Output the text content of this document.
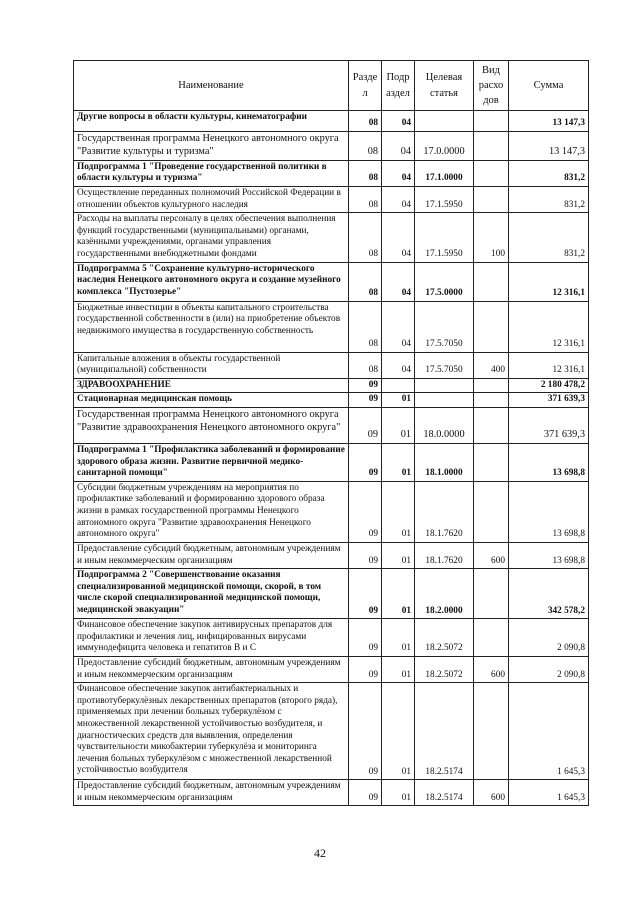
Наименование	Разде л	Подр аздел	Целевая статья	Вид расхо дов	Сумма
Другие вопросы в области культуры, кинематографии	08	04			13 147,3
Государственная программа Ненецкого автономного округа "Развитие культуры и туризма"	08	04	17.0.0000		13 147,3
Подпрограмма 1 "Проведение государственной политики в области культуры и туризма"	08	04	17.1.0000		831,2
Осуществление переданных полномочий Российской Федерации в отношении объектов культурного наследия	08	04	17.1.5950		831,2
Расходы на выплаты персоналу в целях обеспечения выполнения функций государственными (муниципальными) органами, казёнными учреждениями, органами управления государственными внебюджетными фондами	08	04	17.1.5950	100	831,2
Подпрограмма 5 "Сохранение культурно-исторического наследия Ненецкого автономного округа и создание музейного комплекса "Пустозерье"	08	04	17.5.0000		12 316,1
Бюджетные инвестиции в объекты капитального строительства государственной собственности в (или) на приобретение объектов недвижимого имущества в государственную собственность	08	04	17.5.7050		12 316,1
Капитальные вложения в объекты государственной (муниципальной) собственности	08	04	17.5.7050	400	12 316,1
ЗДРАВООХРАНЕНИЕ	09				2 180 478,2
Стационарная медицинская помощь	09	01			371 639,3
Государственная программа Ненецкого автономного округа "Развитие здравоохранения Ненецкого автономного округа"	09	01	18.0.0000		371 639,3
Подпрограмма 1 "Профилактика заболеваний и формирование здорового образа жизни. Развитие первичной медико-санитарной помощи"	09	01	18.1.0000		13 698,8
Субсидии бюджетным учреждениям на мероприятия по профилактике заболеваний и формированию здорового образа жизни в рамках государственной программы Ненецкого автономного округа "Развитие здравоохранения Ненецкого автономного округа"	09	01	18.1.7620		13 698,8
Предоставление субсидий бюджетным, автономным учреждениям и иным некоммерческим организациям	09	01	18.1.7620	600	13 698,8
Подпрограмма 2 "Совершенствование оказания специализированной медицинской помощи, скорой, в том числе скорой специализированной медицинской помощи, медицинской эвакуации"	09	01	18.2.0000		342 578,2
Финансовое обеспечение закупок антивирусных препаратов для профилактики и лечения лиц, инфицированных вирусами иммунодефицита человека и гепатитов В и С	09	01	18.2.5072		2 090,8
Предоставление субсидий бюджетным, автономным учреждениям и иным некоммерческим организациям	09	01	18.2.5072	600	2 090,8
Финансовое обеспечение закупок антибактериальных и противотуберкулёзных лекарственных препаратов (второго ряда), применяемых при лечении больных туберкулёзом с множественной лекарственной устойчивостью возбудителя, и диагностических средств для выявления, определения чувствительности микобактерии туберкулёза и мониторинга лечения больных туберкулёзом с множественной лекарственной устойчивостью возбудителя	09	01	18.2.5174		1 645,3
Предоставление субсидий бюджетным, автономным учреждениям и иным некоммерческим организациям	09	01	18.2.5174	600	1 645,3
42
